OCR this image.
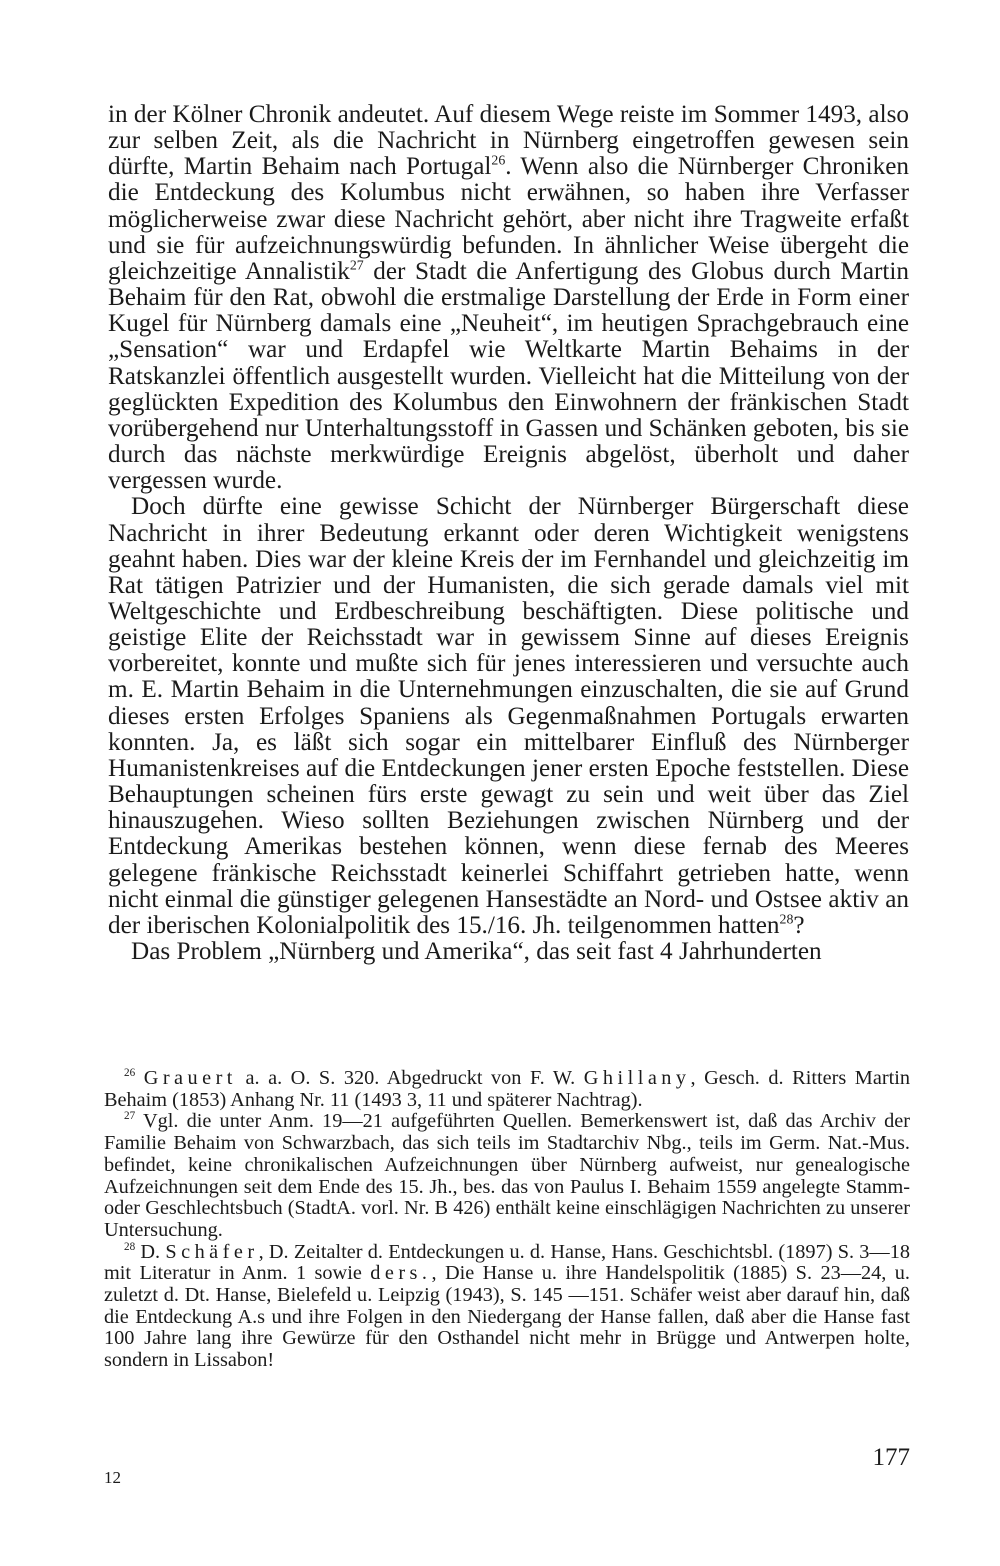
in der Kölner Chronik andeutet. Auf diesem Wege reiste im Sommer 1493, also zur selben Zeit, als die Nachricht in Nürnberg eingetroffen gewesen sein dürfte, Martin Behaim nach Portugal$^{26}$. Wenn also die Nürnberger Chroniken die Entdeckung des Kolumbus nicht erwähnen, so haben ihre Verfasser möglicherweise zwar diese Nachricht gehört, aber nicht ihre Tragweite erfaßt und sie für aufzeichnungswürdig befunden. In ähnlicher Weise übergeht die gleichzeitige Annalistik$^{27}$ der Stadt die Anfertigung des Globus durch Martin Behaim für den Rat, obwohl die erstmalige Darstellung der Erde in Form einer Kugel für Nürnberg damals eine „Neuheit“, im heutigen Sprachgebrauch eine „Sensation“ war und Erdapfel wie Weltkarte Martin Behaims in der Ratskanzlei öffentlich ausgestellt wurden. Vielleicht hat die Mitteilung von der geglückten Expedition des Kolumbus den Einwohnern der fränkischen Stadt vorübergehend nur Unterhaltungsstoff in Gassen und Schänken geboten, bis sie durch das nächste merkwürdige Ereignis abgelöst, überholt und daher vergessen wurde.

Doch dürfte eine gewisse Schicht der Nürnberger Bürgerschaft diese Nachricht in ihrer Bedeutung erkannt oder deren Wichtigkeit wenigstens geahnt haben. Dies war der kleine Kreis der im Fernhandel und gleichzeitig im Rat tätigen Patrizier und der Humanisten, die sich gerade damals viel mit Weltgeschichte und Erdbeschreibung beschäftigten. Diese politische und geistige Elite der Reichsstadt war in gewissem Sinne auf dieses Ereignis vorbereitet, konnte und mußte sich für jenes interessieren und versuchte auch m. E. Martin Behaim in die Unternehmungen einzuschalten, die sie auf Grund dieses ersten Erfolges Spaniens als Gegenmaßnahmen Portugals erwarten konnten. Ja, es läßt sich sogar ein mittelbarer Einfluß des Nürnberger Humanistenkreises auf die Entdeckungen jener ersten Epoche feststellen. Diese Behauptungen scheinen fürs erste gewagt zu sein und weit über das Ziel hinauszugehen. Wieso sollten Beziehungen zwischen Nürnberg und der Entdeckung Amerikas bestehen können, wenn diese fernab des Meeres gelegene fränkische Reichsstadt keinerlei Schiffahrt getrieben hatte, wenn nicht einmal die günstiger gelegenen Hansestädte an Nord- und Ostsee aktiv an der iberischen Kolonialpolitik des 15./16. Jh. teilgenommen hatten$^{28}$?

Das Problem „Nürnberg und Amerika“, das seit fast 4 Jahrhunderten

$^{26}$ Grauert a. a. O. S. 320. Abgedruckt von F. W. Ghillany, Gesch. d. Ritters Martin Behaim (1853) Anhang Nr. 11 (1493 3, 11 und späterer Nachtrag).

$^{27}$ Vgl. die unter Anm. 19—21 aufgeführten Quellen. Bemerkenswert ist, daß das Archiv der Familie Behaim von Schwarzbach, das sich teils im Stadtarchiv Nbg., teils im Germ. Nat.-Mus. befindet, keine chronikalischen Aufzeichnungen über Nürnberg aufweist, nur genealogische Aufzeichnungen seit dem Ende des 15. Jh., bes. das von Paulus I. Behaim 1559 angelegte Stamm- oder Geschlechtsbuch (StadtA. vorl. Nr. B 426) enthält keine einschlägigen Nachrichten zu unserer Untersuchung.

$^{28}$ D. Schäfer, D. Zeitalter d. Entdeckungen u. d. Hanse, Hans. Geschichtsbl. (1897) S. 3—18 mit Literatur in Anm. 1 sowie ders., Die Hanse u. ihre Handelspolitik (1885) S. 23—24, u. zuletzt d. Dt. Hanse, Bielefeld u. Leipzig (1943), S. 145 —151. Schäfer weist aber darauf hin, daß die Entdeckung A.s und ihre Folgen in den Niedergang der Hanse fallen, daß aber die Hanse fast 100 Jahre lang ihre Gewürze für den Osthandel nicht mehr in Brügge und Antwerpen holte, sondern in Lissabon!

177
12
